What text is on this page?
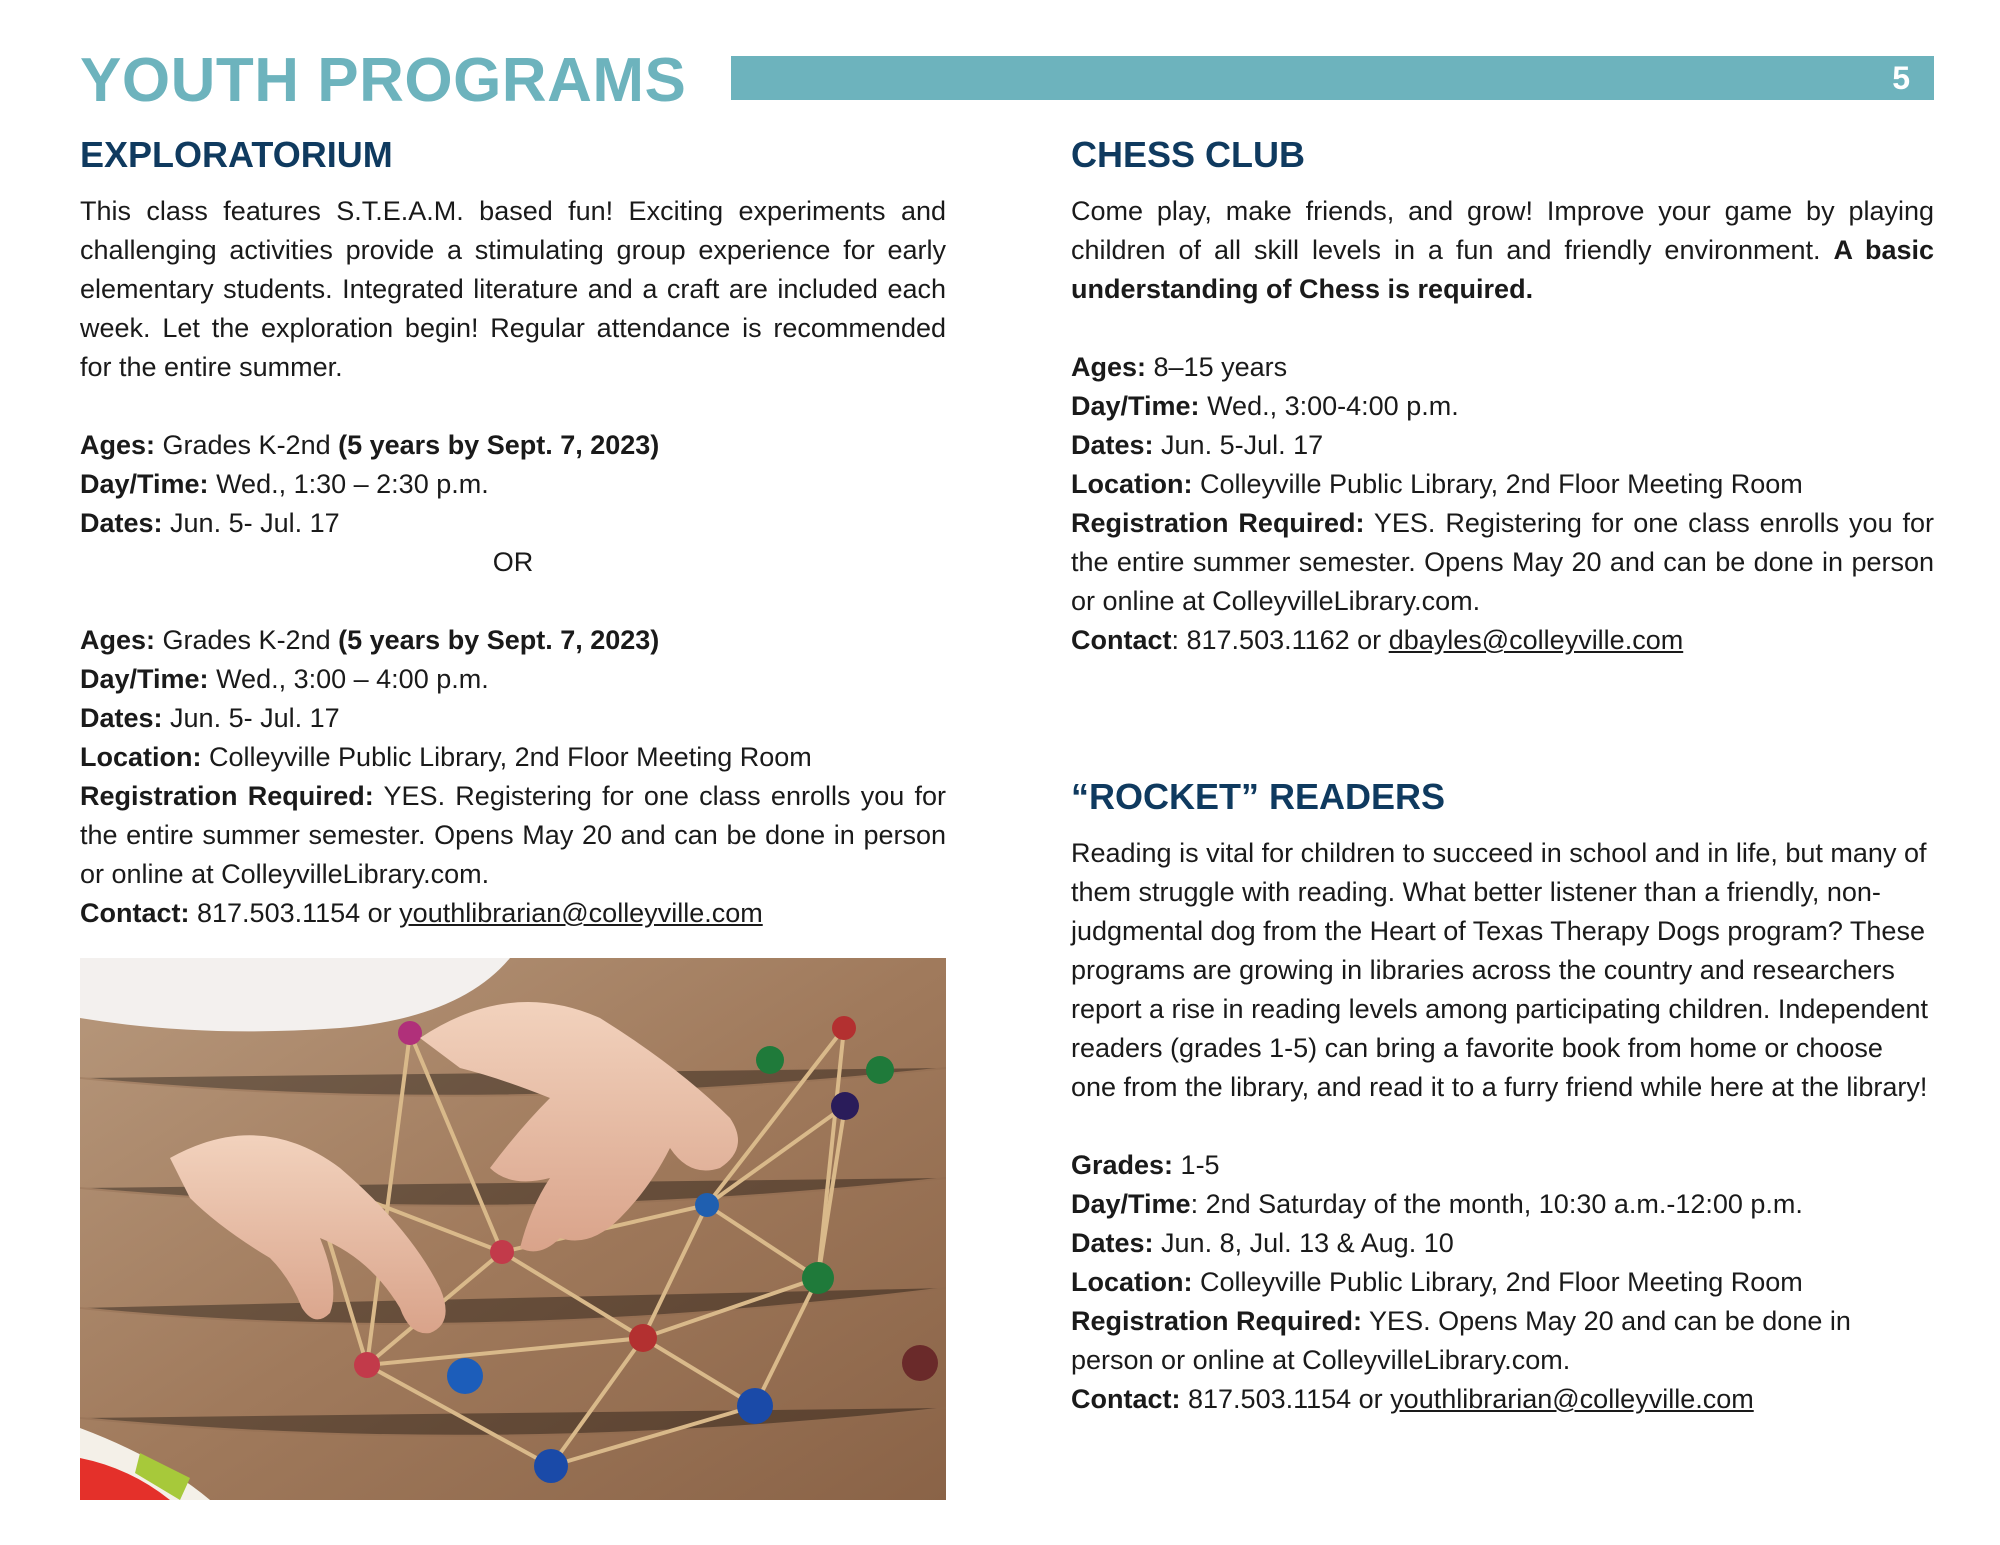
YOUTH PROGRAMS	5
EXPLORATORIUM

This class features S.T.E.A.M. based fun! Exciting experiments and challenging activities provide a stimulating group experience for early elementary students. Integrated literature and a craft are included each week. Let the exploration begin! Regular attendance is recommended for the entire summer.

Ages: Grades K-2nd (5 years by Sept. 7, 2023)

Day/Time: Wed., 1:30 – 2:30 p.m.

Dates: Jun. 5- Jul. 17

OR

Ages: Grades K-2nd (5 years by Sept. 7, 2023)

Day/Time: Wed., 3:00 – 4:00 p.m.

Dates: Jun. 5- Jul. 17

Location: Colleyville Public Library, 2nd Floor Meeting Room

Registration Required: YES. Registering for one class enrolls you for the entire summer semester. Opens May 20 and can be done in person or online at ColleyvilleLibrary.com.

Contact: 817.503.1154 or youthlibrarian@colleyville.com

CHESS CLUB

Come play, make friends, and grow! Improve your game by playing children of all skill levels in a fun and friendly environment. A basic understanding of Chess is required.

Ages: 8–15 years

Day/Time: Wed., 3:00-4:00 p.m.

Dates: Jun. 5-Jul. 17

Location: Colleyville Public Library, 2nd Floor Meeting Room

Registration Required: YES. Registering for one class enrolls you for the entire summer semester. Opens May 20 and can be done in person or online at ColleyvilleLibrary.com.

Contact: 817.503.1162 or dbayles@colleyville.com

“ROCKET” READERS

Reading is vital for children to succeed in school and in life, but many of them struggle with reading. What better listener than a friendly, non-judgmental dog from the Heart of Texas Therapy Dogs program? These programs are growing in libraries across the country and researchers report a rise in reading levels among participating children. Independent readers (grades 1-5) can bring a favorite book from home or choose one from the library, and read it to a furry friend while here at the library!

Grades: 1-5

Day/Time: 2nd Saturday of the month, 10:30 a.m.-12:00 p.m.

Dates: Jun. 8, Jul. 13 & Aug. 10

Location: Colleyville Public Library, 2nd Floor Meeting Room

Registration Required: YES. Opens May 20 and can be done in person or online at ColleyvilleLibrary.com.

Contact: 817.503.1154 or youthlibrarian@colleyville.com
